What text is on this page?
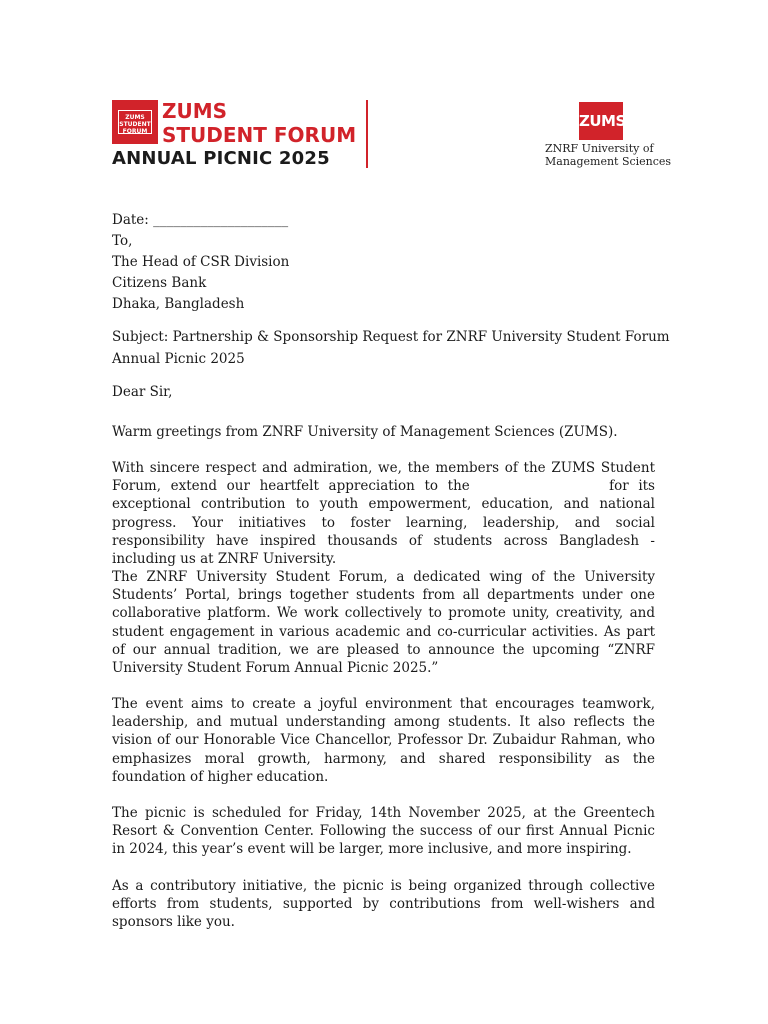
ZUMS
STUDENT
FORUM
ZUMS
STUDENT FORUM
ANNUAL PICNIC 2025
ZUMS
ZNRF University of
Management Sciences
Date: ____________________
To,
The Head of CSR Division
Citizens Bank
Dhaka, Bangladesh
Subject: Partnership & Sponsorship Request for ZNRF University Student Forum
Annual Picnic 2025
Dear Sir,
Warm greetings from ZNRF University of Management Sciences (ZUMS).
With sincere respect and admiration, we, the members of the ZUMS Student Forum, extend our heartfelt appreciation to the	for its exceptional contribution to youth empowerment, education, and national progress. Your initiatives to foster learning, leadership, and social responsibility have inspired thousands of students across Bangladesh - including us at ZNRF University.
The ZNRF University Student Forum, a dedicated wing of the University Students’ Portal, brings together students from all departments under one collaborative platform. We work collectively to promote unity, creativity, and student engagement in various academic and co-curricular activities. As part of our annual tradition, we are pleased to announce the upcoming “ZNRF University Student Forum Annual Picnic 2025.”
The event aims to create a joyful environment that encourages teamwork, leadership, and mutual understanding among students. It also reflects the vision of our Honorable Vice Chancellor, Professor Dr. Zubaidur Rahman, who emphasizes moral growth, harmony, and shared responsibility as the foundation of higher education.
The picnic is scheduled for Friday, 14th November 2025, at the Greentech Resort & Convention Center. Following the success of our first Annual Picnic in 2024, this year’s event will be larger, more inclusive, and more inspiring.
As a contributory initiative, the picnic is being organized through collective efforts from students, supported by contributions from well-wishers and sponsors like you.
